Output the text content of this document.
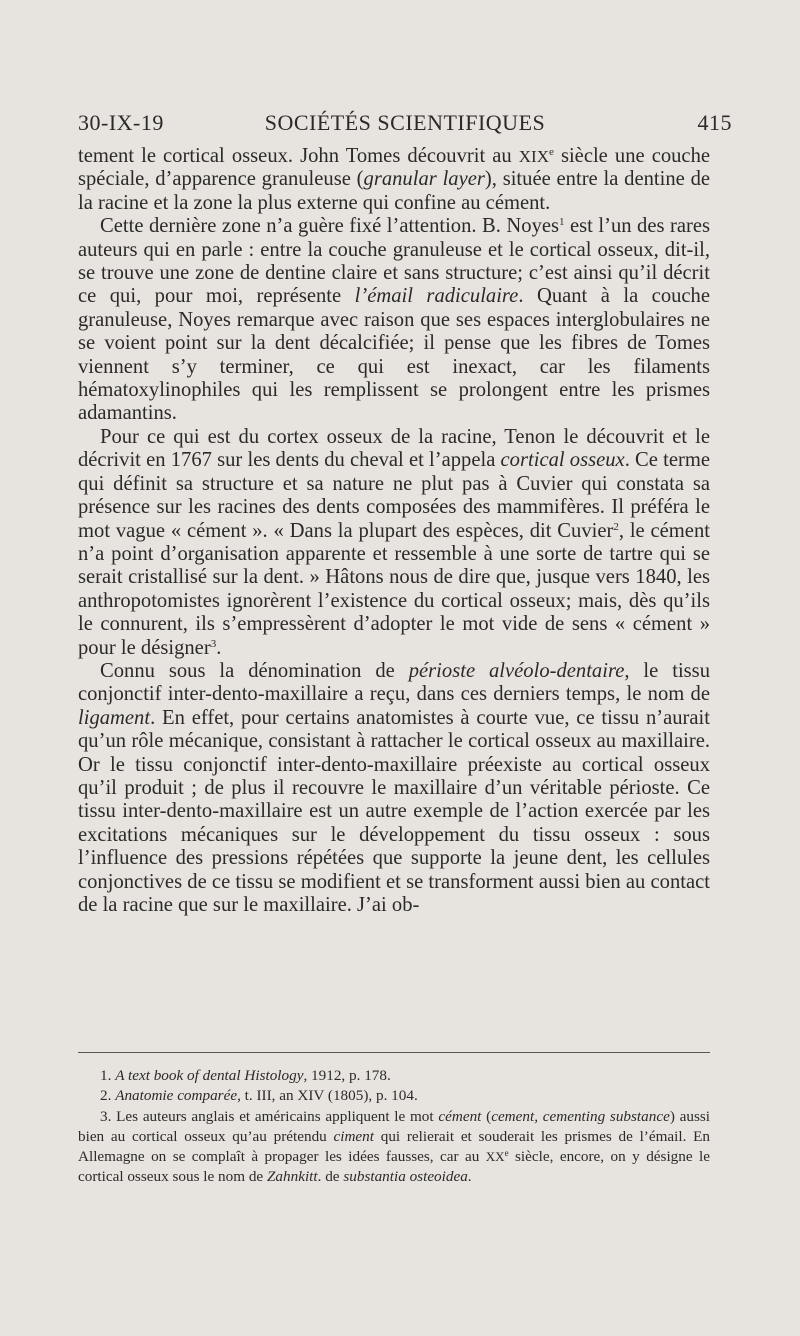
30-IX-19	SOCIÉTÉS SCIENTIFIQUES	415

tement le cortical osseux. John Tomes découvrit au XIXe siècle une couche spéciale, d’apparence granuleuse (granular layer), située entre la dentine de la racine et la zone la plus externe qui confine au cément.

Cette dernière zone n’a guère fixé l’attention. B. Noyes$^1$ est l’un des rares auteurs qui en parle : entre la couche granuleuse et le cortical osseux, dit-il, se trouve une zone de dentine claire et sans structure; c’est ainsi qu’il décrit ce qui, pour moi, représente l’émail radiculaire. Quant à la couche granuleuse, Noyes remarque avec raison que ses espaces interglobulaires ne se voient point sur la dent décalcifiée; il pense que les fibres de Tomes viennent s’y terminer, ce qui est inexact, car les filaments hématoxylinophiles qui les remplissent se prolongent entre les prismes adamantins.

Pour ce qui est du cortex osseux de la racine, Tenon le découvrit et le décrivit en 1767 sur les dents du cheval et l’appela cortical osseux. Ce terme qui définit sa structure et sa nature ne plut pas à Cuvier qui constata sa présence sur les racines des dents composées des mammifères. Il préféra le mot vague « cément ». « Dans la plupart des espèces, dit Cuvier$^2$, le cément n’a point d’organisation apparente et ressemble à une sorte de tartre qui se serait cristallisé sur la dent. » Hâtons nous de dire que, jusque vers 1840, les anthropotomistes ignorèrent l’existence du cortical osseux; mais, dès qu’ils le connurent, ils s’empressèrent d’adopter le mot vide de sens « cément » pour le désigner$^3$.

Connu sous la dénomination de périoste alvéolo-dentaire, le tissu conjonctif inter-dento-maxillaire a reçu, dans ces derniers temps, le nom de ligament. En effet, pour certains anatomistes à courte vue, ce tissu n’aurait qu’un rôle mécanique, consistant à rattacher le cortical osseux au maxillaire. Or le tissu conjonctif inter-dento-maxillaire préexiste au cortical osseux qu’il produit ; de plus il recouvre le maxillaire d’un véritable périoste. Ce tissu inter-dento-maxillaire est un autre exemple de l’action exercée par les excitations mécaniques sur le développement du tissu osseux : sous l’influence des pressions répétées que supporte la jeune dent, les cellules conjonctives de ce tissu se modifient et se transforment aussi bien au contact de la racine que sur le maxillaire. J’ai ob-

1. A text book of dental Histology, 1912, p. 178.

2. Anatomie comparée, t. III, an XIV (1805), p. 104.

3. Les auteurs anglais et américains appliquent le mot cément (cement, cementing substance) aussi bien au cortical osseux qu’au prétendu ciment qui relierait et souderait les prismes de l’émail. En Allemagne on se complaît à propager les idées fausses, car au XXe siècle, encore, on y désigne le cortical osseux sous le nom de Zahnkitt. de substantia osteoidea.
